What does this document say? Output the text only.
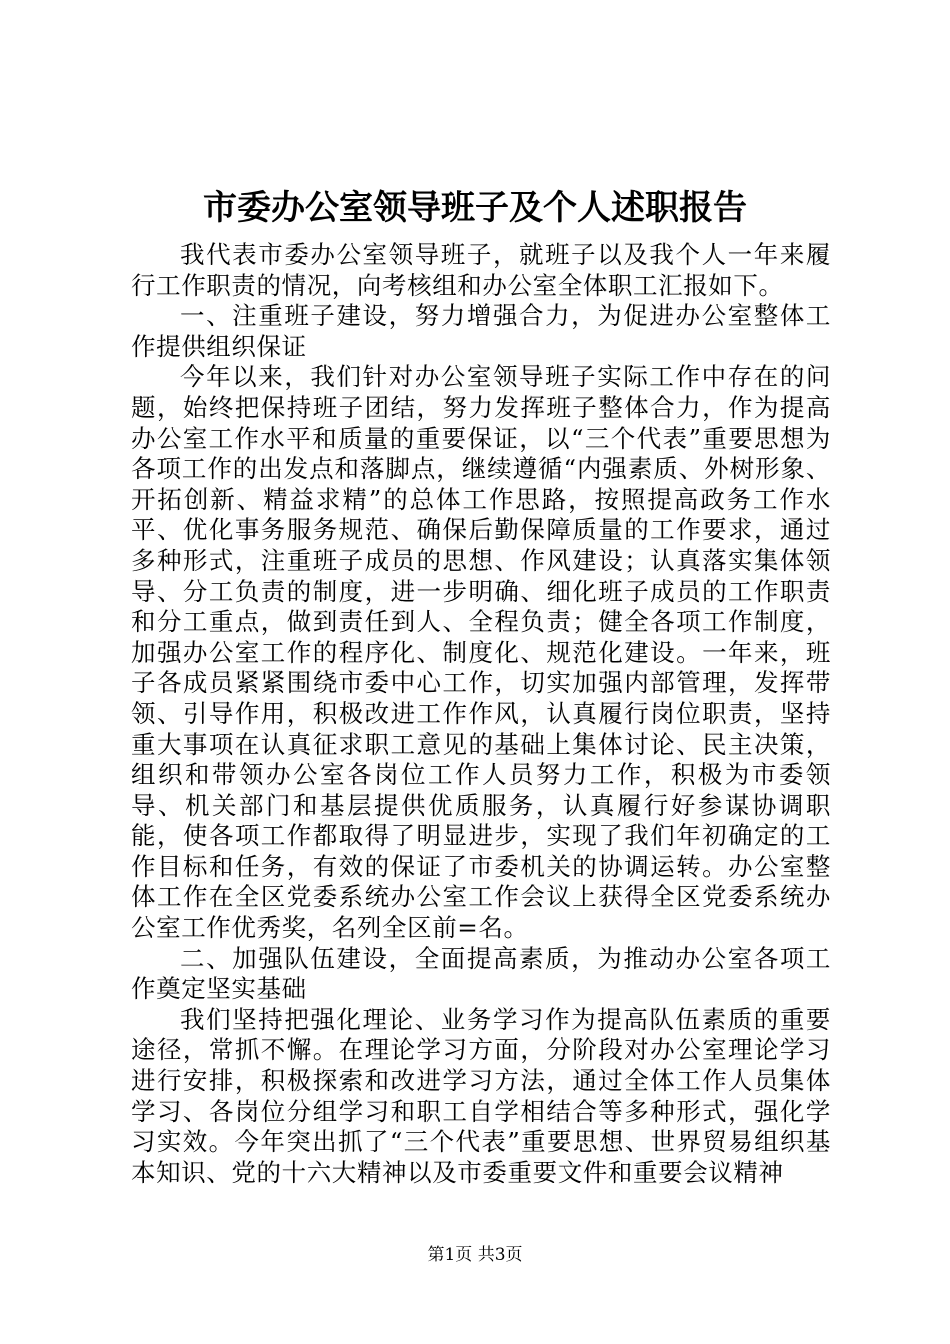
市委办公室领导班子及个人述职报告

我代表市委办公室领导班子，就班子以及我个人一年来履行工作职责的情况，向考核组和办公室全体职工汇报如下。

一、注重班子建设，努力增强合力，为促进办公室整体工作提供组织保证

今年以来，我们针对办公室领导班子实际工作中存在的问题，始终把保持班子团结，努力发挥班子整体合力，作为提高办公室工作水平和质量的重要保证，以“三个代表”重要思想为各项工作的出发点和落脚点，继续遵循“内强素质、外树形象、开拓创新、精益求精”的总体工作思路，按照提高政务工作水平、优化事务服务规范、确保后勤保障质量的工作要求，通过多种形式，注重班子成员的思想、作风建设；认真落实集体领导、分工负责的制度，进一步明确、细化班子成员的工作职责和分工重点，做到责任到人、全程负责；健全各项工作制度，加强办公室工作的程序化、制度化、规范化建设。一年来，班子各成员紧紧围绕市委中心工作，切实加强内部管理，发挥带领、引导作用，积极改进工作作风，认真履行岗位职责，坚持重大事项在认真征求职工意见的基础上集体讨论、民主决策，组织和带领办公室各岗位工作人员努力工作，积极为市委领导、机关部门和基层提供优质服务，认真履行好参谋协调职能，使各项工作都取得了明显进步，实现了我们年初确定的工作目标和任务，有效的保证了市委机关的协调运转。办公室整体工作在全区党委系统办公室工作会议上获得全区党委系统办公室工作优秀奖，名列全区前=名。

二、加强队伍建设，全面提高素质，为推动办公室各项工作奠定坚实基础

我们坚持把强化理论、业务学习作为提高队伍素质的重要途径，常抓不懈。在理论学习方面，分阶段对办公室理论学习进行安排，积极探索和改进学习方法，通过全体工作人员集体学习、各岗位分组学习和职工自学相结合等多种形式，强化学习实效。今年突出抓了“三个代表”重要思想、世界贸易组织基本知识、党的十六大精神以及市委重要文件和重要会议精神

第1页 共3页
